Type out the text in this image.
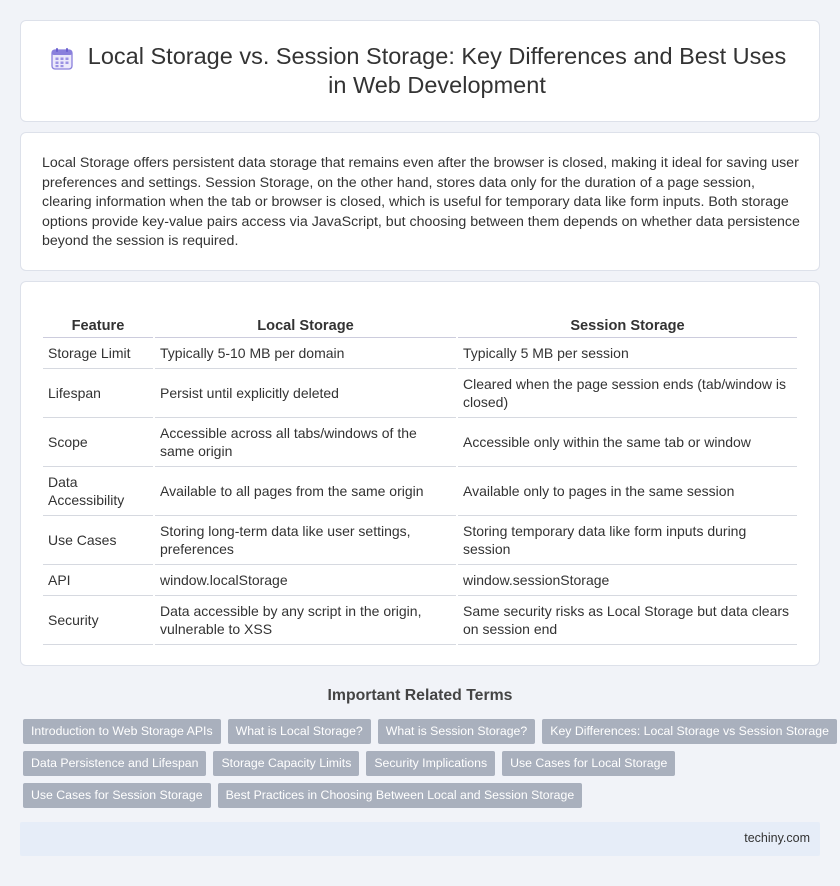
Local Storage vs. Session Storage: Key Differences and Best Uses in Web Development

Local Storage offers persistent data storage that remains even after the browser is closed, making it ideal for saving user preferences and settings. Session Storage, on the other hand, stores data only for the duration of a page session, clearing information when the tab or browser is closed, which is useful for temporary data like form inputs. Both storage options provide key-value pairs access via JavaScript, but choosing between them depends on whether data persistence beyond the session is required.

Feature	Local Storage	Session Storage
Storage Limit	Typically 5-10 MB per domain	Typically 5 MB per session
Lifespan	Persist until explicitly deleted	Cleared when the page session ends (tab/window is closed)
Scope	Accessible across all tabs/windows of the same origin	Accessible only within the same tab or window
Data Accessibility	Available to all pages from the same origin	Available only to pages in the same session
Use Cases	Storing long-term data like user settings, preferences	Storing temporary data like form inputs during session
API	window.localStorage	window.sessionStorage
Security	Data accessible by any script in the origin, vulnerable to XSS	Same security risks as Local Storage but data clears on session end
Important Related Terms
Introduction to Web Storage APIs	What is Local Storage?	What is Session Storage?	Key Differences: Local Storage vs Session Storage
Data Persistence and Lifespan	Storage Capacity Limits	Security Implications	Use Cases for Local Storage
Use Cases for Session Storage	Best Practices in Choosing Between Local and Session Storage
techiny.com
